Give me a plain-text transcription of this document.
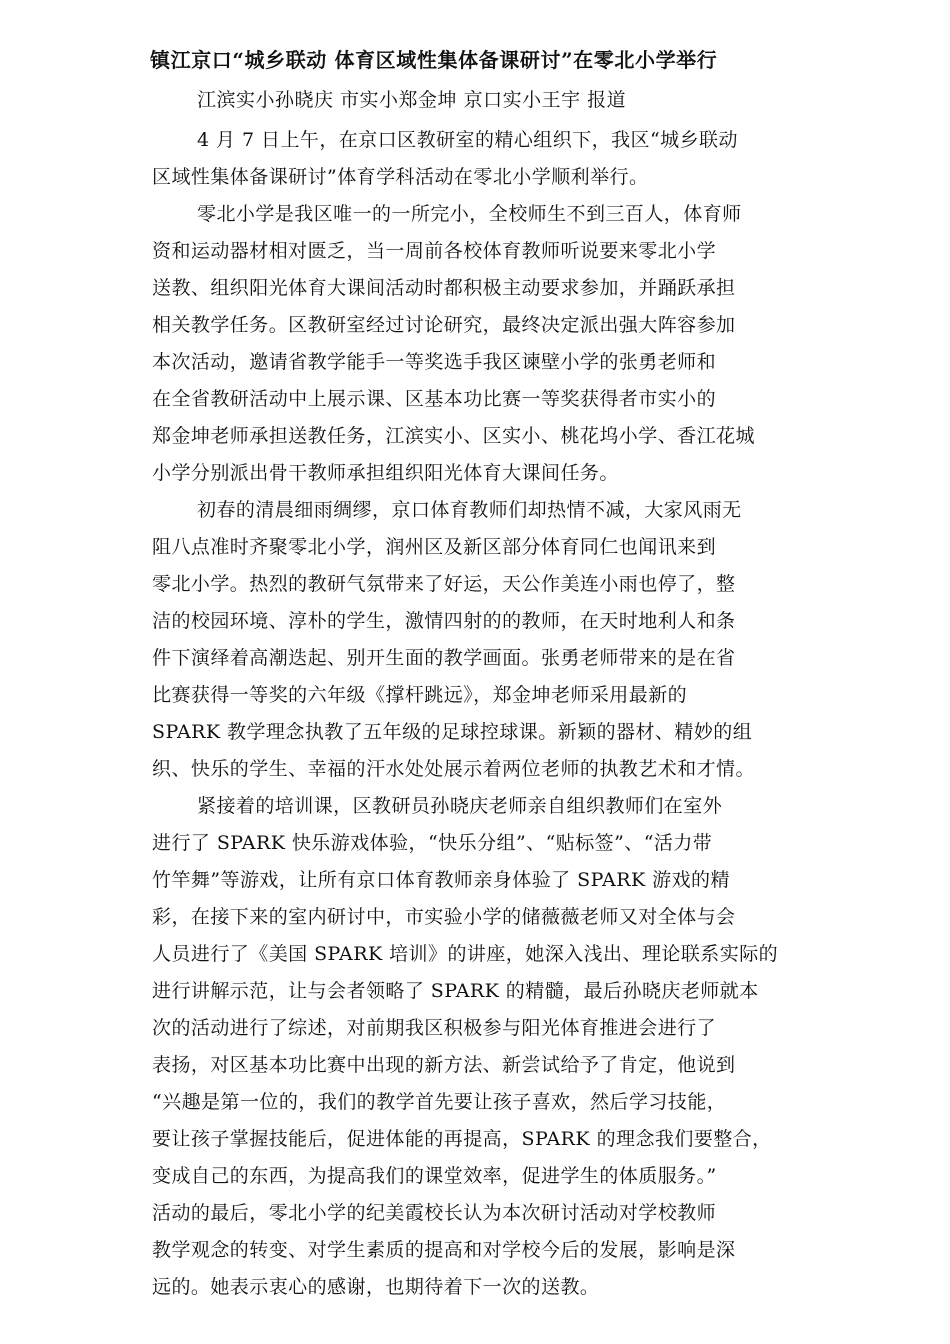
镇江京口“城乡联动 体育区域性集体备课研讨”在零北小学举行

江滨实小孙晓庆 市实小郑金坤 京口实小王宇 报道

4 月 7 日上午，在京口区教研室的精心组织下，我区“城乡联动
区域性集体备课研讨”体育学科活动在零北小学顺利举行。
零北小学是我区唯一的一所完小，全校师生不到三百人，体育师
资和运动器材相对匮乏，当一周前各校体育教师听说要来零北小学
送教、组织阳光体育大课间活动时都积极主动要求参加，并踊跃承担
相关教学任务。区教研室经过讨论研究，最终决定派出强大阵容参加
本次活动，邀请省教学能手一等奖选手我区谏壁小学的张勇老师和
在全省教研活动中上展示课、区基本功比赛一等奖获得者市实小的
郑金坤老师承担送教任务，江滨实小、区实小、桃花坞小学、香江花城
小学分别派出骨干教师承担组织阳光体育大课间任务。
初春的清晨细雨绸缪，京口体育教师们却热情不减，大家风雨无
阻八点准时齐聚零北小学，润州区及新区部分体育同仁也闻讯来到
零北小学。热烈的教研气氛带来了好运，天公作美连小雨也停了，整
洁的校园环境、淳朴的学生，激情四射的的教师，在天时地利人和条
件下演绎着高潮迭起、别开生面的教学画面。张勇老师带来的是在省
比赛获得一等奖的六年级《撑杆跳远》，郑金坤老师采用最新的
SPARK 教学理念执教了五年级的足球控球课。新颖的器材、精妙的组
织、快乐的学生、幸福的汗水处处展示着两位老师的执教艺术和才情。
紧接着的培训课，区教研员孙晓庆老师亲自组织教师们在室外
进行了 SPARK 快乐游戏体验，“快乐分组”、“贴标签”、“活力带
竹竿舞”等游戏，让所有京口体育教师亲身体验了 SPARK 游戏的精
彩，在接下来的室内研讨中，市实验小学的储薇薇老师又对全体与会
人员进行了《美国 SPARK 培训》的讲座，她深入浅出、理论联系实际的
进行讲解示范，让与会者领略了 SPARK 的精髓，最后孙晓庆老师就本
次的活动进行了综述，对前期我区积极参与阳光体育推进会进行了
表扬，对区基本功比赛中出现的新方法、新尝试给予了肯定，他说到
“兴趣是第一位的，我们的教学首先要让孩子喜欢，然后学习技能，
要让孩子掌握技能后，促进体能的再提高，SPARK 的理念我们要整合，
变成自己的东西，为提高我们的课堂效率，促进学生的体质服务。”
活动的最后，零北小学的纪美霞校长认为本次研讨活动对学校教师
教学观念的转变、对学生素质的提高和对学校今后的发展，影响是深
远的。她表示衷心的感谢，也期待着下一次的送教。
